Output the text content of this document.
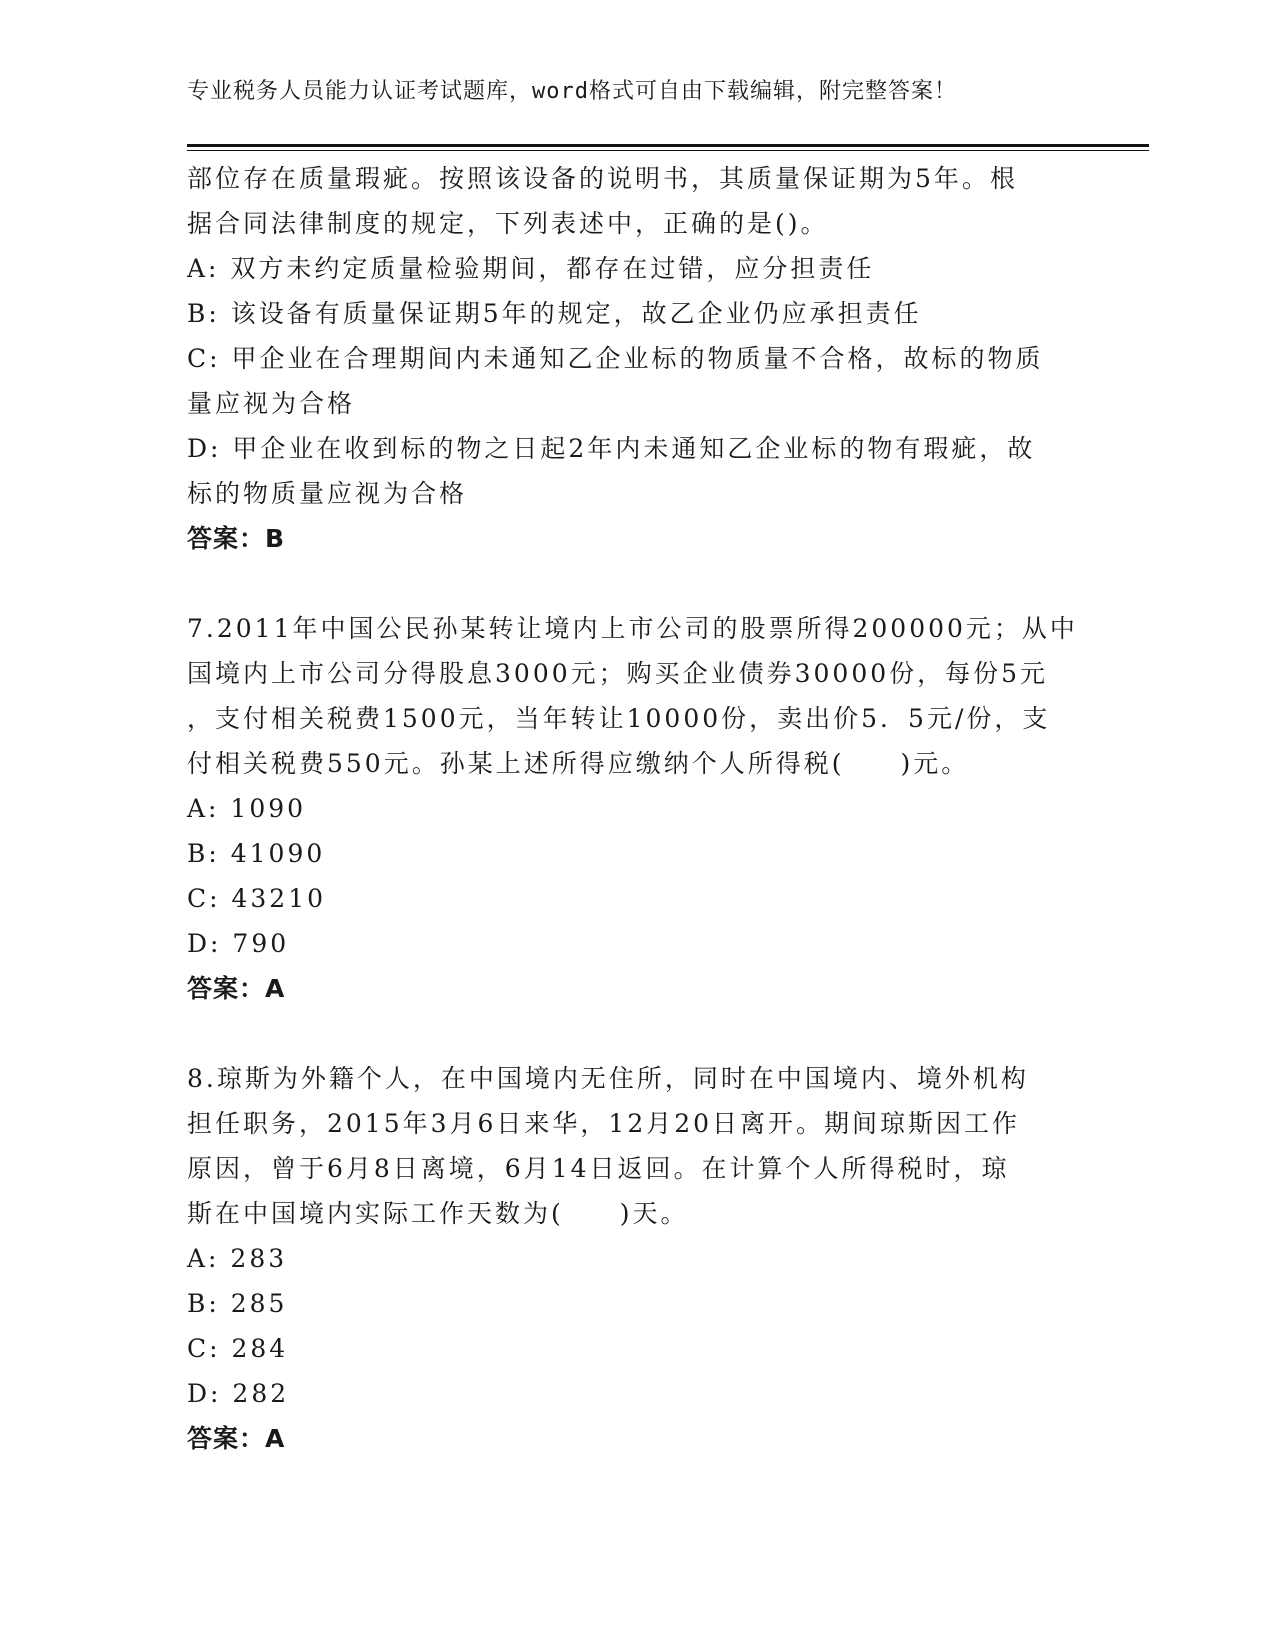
专业税务人员能力认证考试题库，word格式可自由下载编辑，附完整答案！
部位存在质量瑕疵。按照该设备的说明书，其质量保证期为5年。根
据合同法律制度的规定，下列表述中，正确的是()。
A: 双方未约定质量检验期间，都存在过错，应分担责任
B: 该设备有质量保证期5年的规定，故乙企业仍应承担责任
C: 甲企业在合理期间内未通知乙企业标的物质量不合格，故标的物质
量应视为合格
D: 甲企业在收到标的物之日起2年内未通知乙企业标的物有瑕疵，故
标的物质量应视为合格
答案：B
7.2011年中国公民孙某转让境内上市公司的股票所得200000元；从中
国境内上市公司分得股息3000元；购买企业债券30000份，每份5元
，支付相关税费1500元，当年转让10000份，卖出价5．5元/份，支
付相关税费550元。孙某上述所得应缴纳个人所得税(　　)元。
A: 1090
B: 41090
C: 43210
D: 790
答案：A
8.琼斯为外籍个人，在中国境内无住所，同时在中国境内、境外机构
担任职务，2015年3月6日来华，12月20日离开。期间琼斯因工作
原因，曾于6月8日离境，6月14日返回。在计算个人所得税时，琼
斯在中国境内实际工作天数为(　　)天。
A: 283
B: 285
C: 284
D: 282
答案：A
